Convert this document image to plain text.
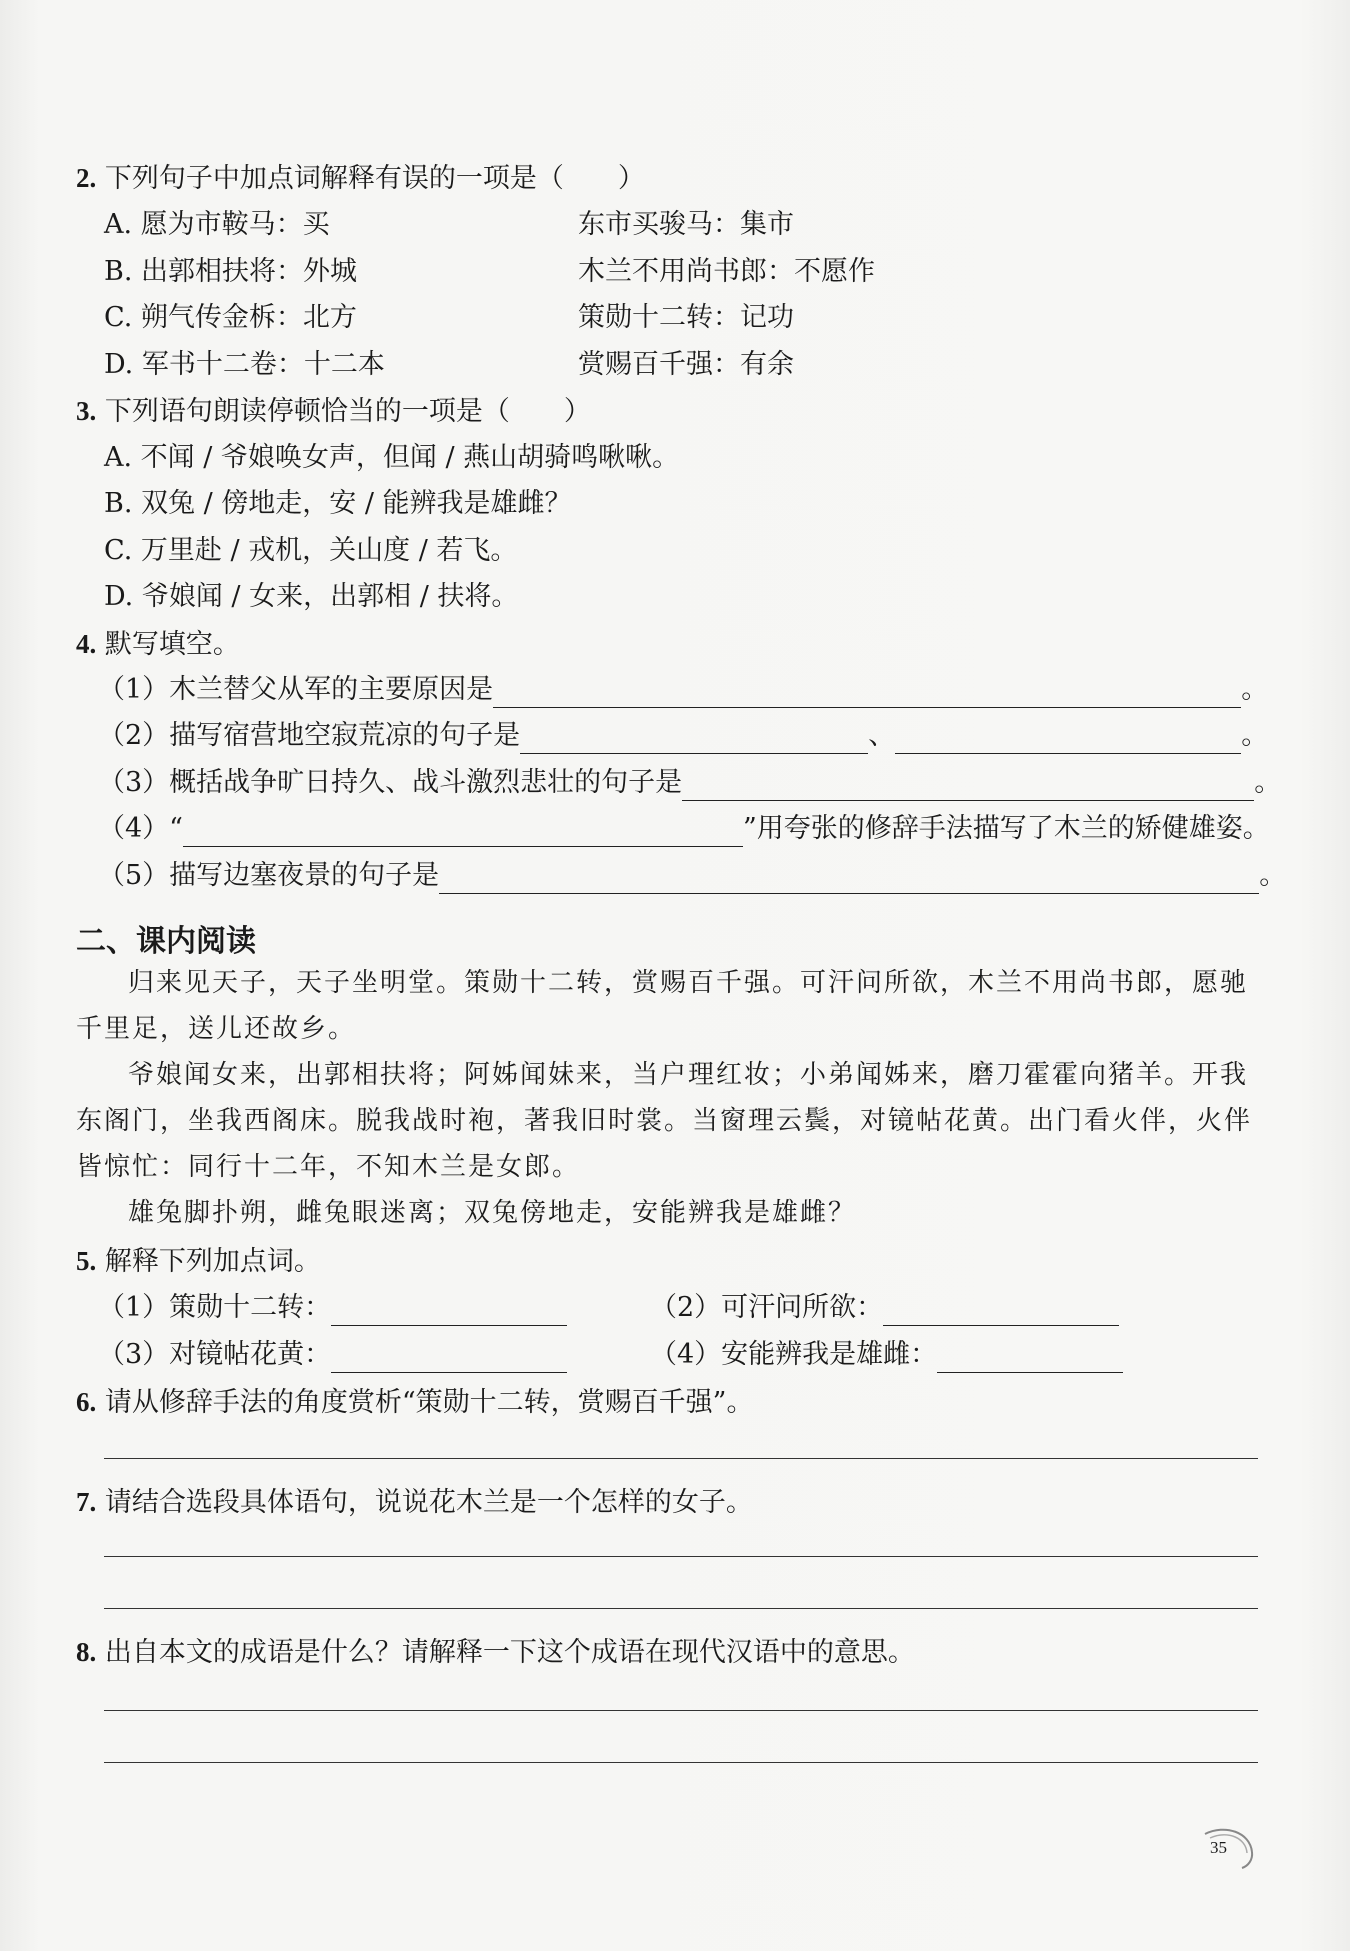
2. 下列句子中加点词解释有误的一项是（　　）
A. 愿为市鞍马：买	东市买骏马：集市
B. 出郭相扶将：外城	木兰不用尚书郎：不愿作
C. 朔气传金柝：北方	策勋十二转：记功
D. 军书十二卷：十二本	赏赐百千强：有余
3. 下列语句朗读停顿恰当的一项是（　　）
A. 不闻 / 爷娘唤女声，但闻 / 燕山胡骑鸣啾啾。
B. 双兔 / 傍地走，安 / 能辨我是雄雌？
C. 万里赴 / 戎机，关山度 / 若飞。
D. 爷娘闻 / 女来，出郭相 / 扶将。
4. 默写填空。
（1）木兰替父从军的主要原因是	。
（2）描写宿营地空寂荒凉的句子是	、	。
（3）概括战争旷日持久、战斗激烈悲壮的句子是	。
（4）“	”用夸张的修辞手法描写了木兰的矫健雄姿。
（5）描写边塞夜景的句子是	。
二、课内阅读

归来见天子，天子坐明堂。策勋十二转，赏赐百千强。可汗问所欲，木兰不用尚书郎，愿驰千里足，送儿还故乡。

爷娘闻女来，出郭相扶将；阿姊闻妹来，当户理红妆；小弟闻姊来，磨刀霍霍向猪羊。开我东阁门，坐我西阁床。脱我战时袍，著我旧时裳。当窗理云鬓，对镜帖花黄。出门看火伴，火伴皆惊忙：同行十二年，不知木兰是女郎。

雄兔脚扑朔，雌兔眼迷离；双兔傍地走，安能辨我是雄雌？

5. 解释下列加点词。
（1）策勋十二转：	（2）可汗问所欲：
（3）对镜帖花黄：	（4）安能辨我是雄雌：
6. 请从修辞手法的角度赏析“策勋十二转，赏赐百千强”。
7. 请结合选段具体语句，说说花木兰是一个怎样的女子。
8. 出自本文的成语是什么？请解释一下这个成语在现代汉语中的意思。
35
